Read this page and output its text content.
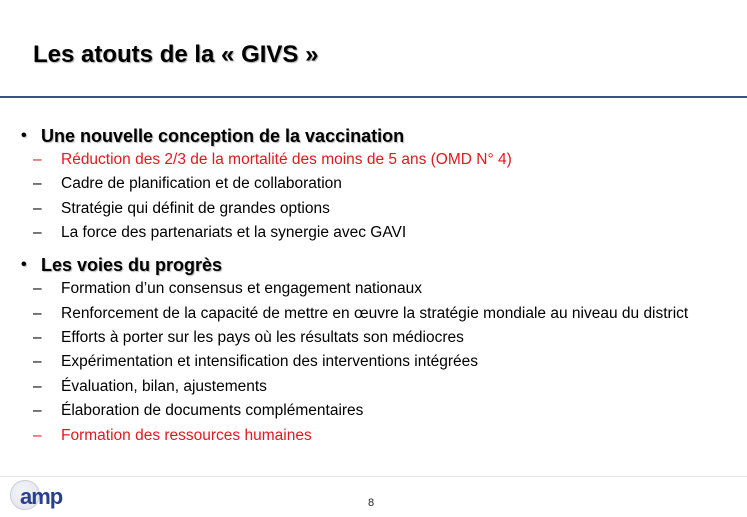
Les atouts de la « GIVS »
• Une nouvelle conception de la vaccination
–	Réduction des 2/3 de la mortalité des moins de 5 ans (OMD N° 4)
–	Cadre de planification et de collaboration
–	Stratégie qui définit de grandes options
–	La force des partenariats et la synergie avec GAVI
• Les voies du progrès
–	Formation d’un consensus et engagement nationaux
–	Renforcement de la capacité de mettre en œuvre la stratégie mondiale au niveau du district
–	Efforts à porter sur les pays où les résultats son médiocres
–	Expérimentation et intensification des interventions intégrées
–	Évaluation, bilan, ajustements
–	Élaboration de documents complémentaires
–	Formation des ressources humaines
amp	8
